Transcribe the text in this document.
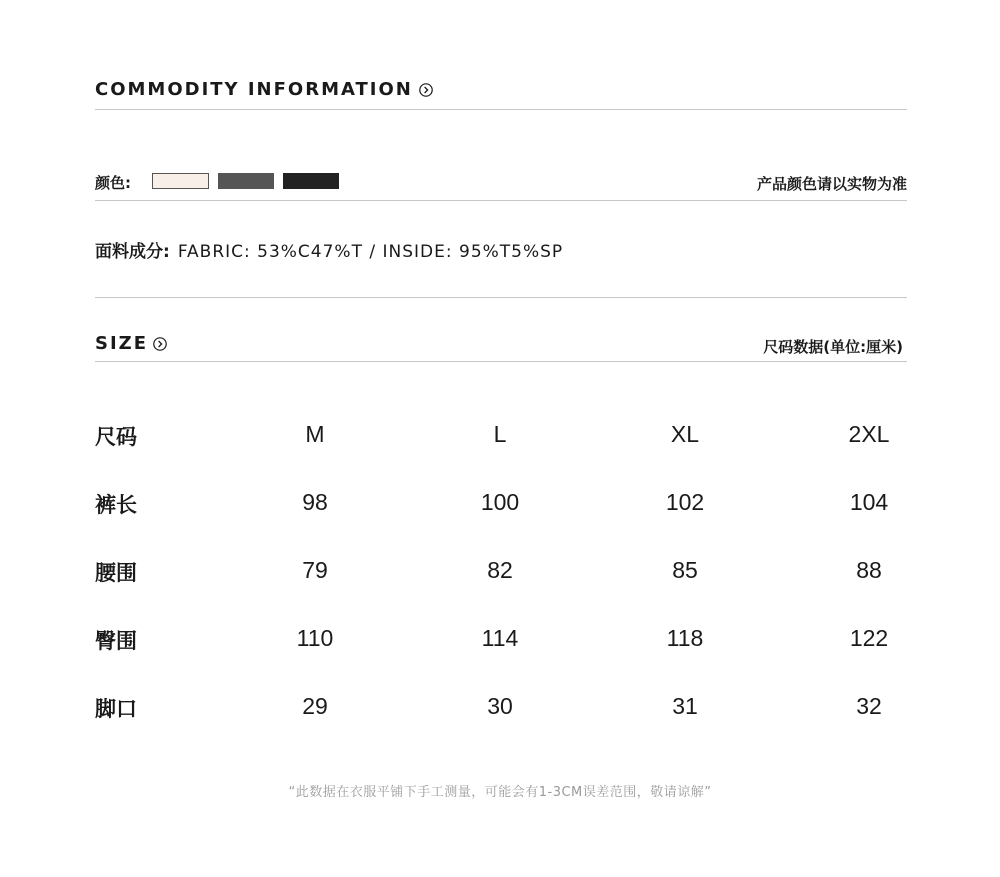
COMMODITY INFORMATION
颜色:	产品颜色请以实物为准
面料成分: FABRIC: 53%C47%T / INSIDE: 95%T5%SP
SIZE	尺码数据(单位:厘米)
尺码	M	L	XL	2XL
裤长	98	100	102	104
腰围	79	82	85	88
臀围	110	114	118	122
脚口	29	30	31	32
“此数据在衣服平铺下手工测量，可能会有1-3CM误差范围，敬请谅解”
